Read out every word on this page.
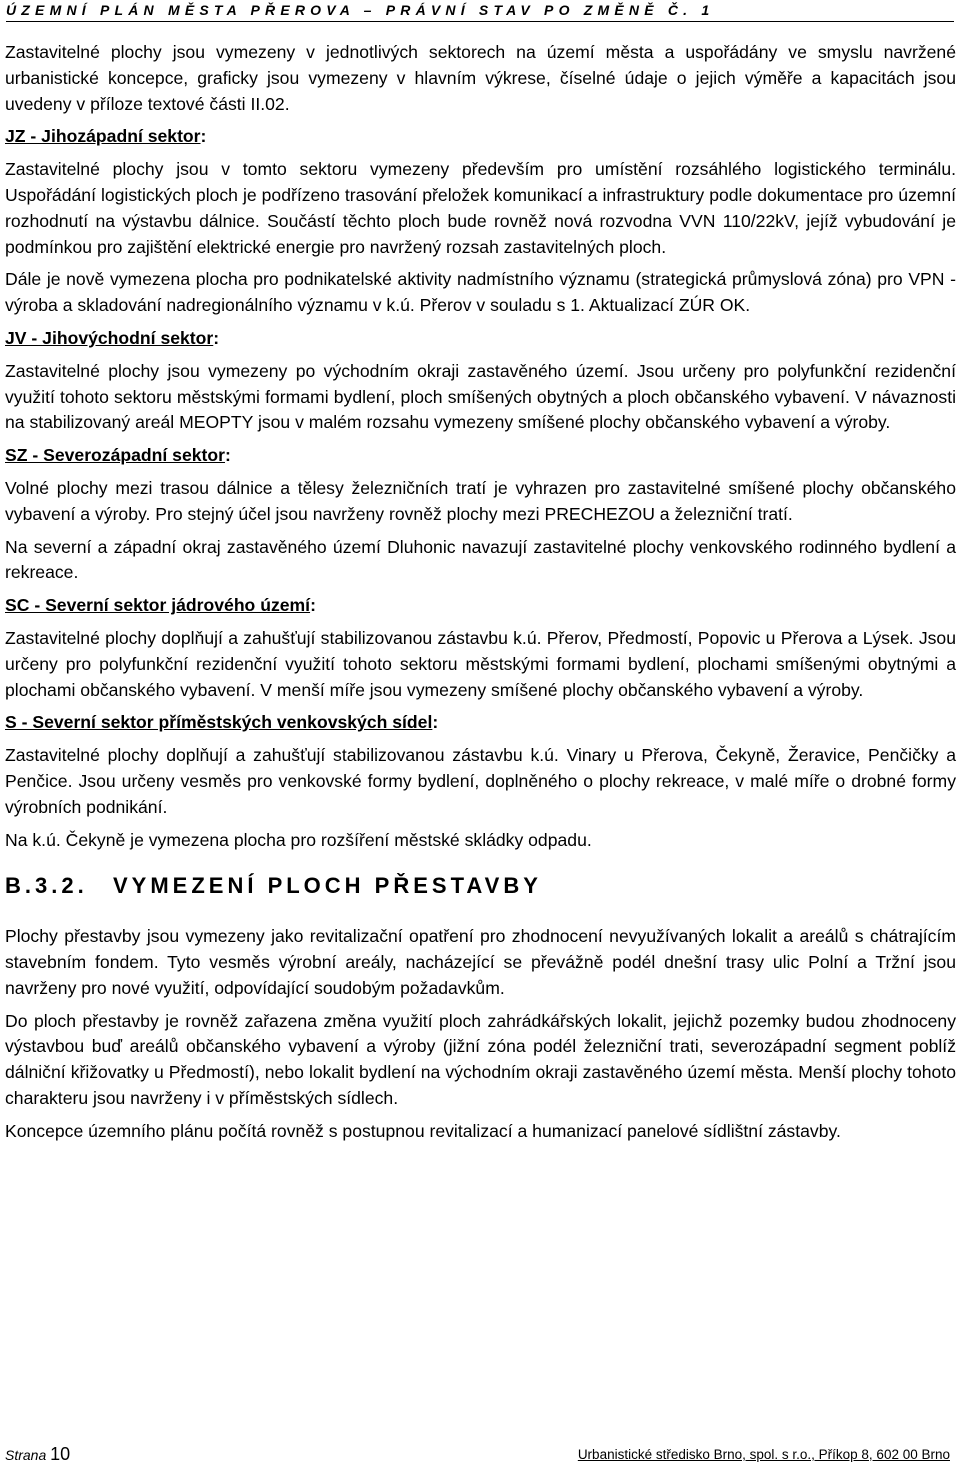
ÚZEMNÍ PLÁN MĚSTA PŘEROVA – PRÁVNÍ STAV PO ZMĚNĚ Č. 1

Zastavitelné plochy jsou vymezeny v jednotlivých sektorech na území města a uspořádány ve smyslu navržené urbanistické koncepce, graficky jsou vymezeny v hlavním výkrese, číselné údaje o jejich výměře a kapacitách jsou uvedeny v příloze textové části II.02.

JZ - Jihozápadní sektor:

Zastavitelné plochy jsou v tomto sektoru vymezeny především pro umístění rozsáhlého logistického terminálu. Uspořádání logistických ploch je podřízeno trasování přeložek komunikací a infrastruktury podle dokumentace pro územní rozhodnutí na výstavbu dálnice. Součástí těchto ploch bude rovněž nová rozvodna VVN 110/22kV, jejíž vybudování je podmínkou pro zajištění elektrické energie pro navržený rozsah zastavitelných ploch.

Dále je nově vymezena plocha pro podnikatelské aktivity nadmístního významu (strategická průmyslová zóna) pro VPN - výroba a skladování nadregionálního významu v k.ú. Přerov v souladu s 1. Aktualizací ZÚR OK.

JV - Jihovýchodní sektor:

Zastavitelné plochy jsou vymezeny po východním okraji zastavěného území. Jsou určeny pro polyfunkční rezidenční využití tohoto sektoru městskými formami bydlení, ploch smíšených obytných a ploch občanského vybavení. V návaznosti na stabilizovaný areál MEOPTY jsou v malém rozsahu vymezeny smíšené plochy občanského vybavení a výroby.

SZ - Severozápadní sektor:

Volné plochy mezi trasou dálnice a tělesy železničních tratí je vyhrazen pro zastavitelné smíšené plochy občanského vybavení a výroby. Pro stejný účel jsou navrženy rovněž plochy mezi PRECHEZOU a železniční tratí.

Na severní a západní okraj zastavěného území Dluhonic navazují zastavitelné plochy venkovského rodinného bydlení a rekreace.

SC - Severní sektor jádrového území:

Zastavitelné plochy doplňují a zahušťují stabilizovanou zástavbu k.ú. Přerov, Předmostí, Popovic u Přerova a Lýsek. Jsou určeny pro polyfunkční rezidenční využití tohoto sektoru městskými formami bydlení, plochami smíšenými obytnými a plochami občanského vybavení. V menší míře jsou vymezeny smíšené plochy občanského vybavení a výroby.

S - Severní sektor příměstských venkovských sídel:

Zastavitelné plochy doplňují a zahušťují stabilizovanou zástavbu k.ú. Vinary u Přerova, Čekyně, Žeravice, Penčičky a Penčice. Jsou určeny vesměs pro venkovské formy bydlení, doplněného o plochy rekreace, v malé míře o drobné formy výrobních podnikání.

Na k.ú. Čekyně je vymezena plocha pro rozšíření městské skládky odpadu.

B.3.2. VYMEZENÍ PLOCH PŘESTAVBY

Plochy přestavby jsou vymezeny jako revitalizační opatření pro zhodnocení nevyužívaných lokalit a areálů s chátrajícím stavebním fondem. Tyto vesměs výrobní areály, nacházející se převážně podél dnešní trasy ulic Polní a Tržní jsou navrženy pro nové využití, odpovídající soudobým požadavkům.

Do ploch přestavby je rovněž zařazena změna využití ploch zahrádkářských lokalit, jejichž pozemky budou zhodnoceny výstavbou buď areálů občanského vybavení a výroby (jižní zóna podél železniční trati, severozápadní segment poblíž dálniční křižovatky u Předmostí), nebo lokalit bydlení na východním okraji zastavěného území města. Menší plochy tohoto charakteru jsou navrženy i v příměstských sídlech.

Koncepce územního plánu počítá rovněž s postupnou revitalizací a humanizací panelové sídlištní zástavby.

Strana 10	Urbanistické středisko Brno, spol. s r.o., Příkop 8, 602 00 Brno
